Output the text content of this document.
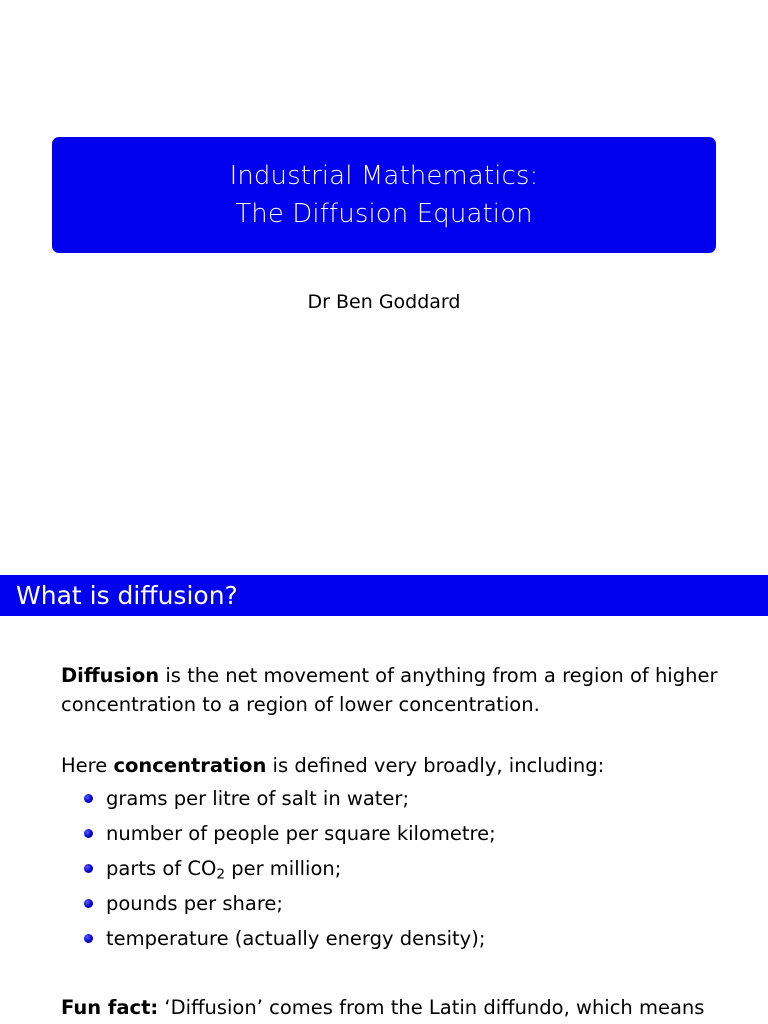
Industrial Mathematics:
The Diffusion Equation
Dr Ben Goddard
What is diffusion?
Diffusion is the net movement of anything from a region of higher
concentration to a region of lower concentration.
Here concentration is defined very broadly, including:
grams per litre of salt in water;
number of people per square kilometre;
parts of $CO_2$ per million;
pounds per share;
temperature (actually energy density);
Fun fact: ‘Diffusion’ comes from the Latin diffundo, which means
